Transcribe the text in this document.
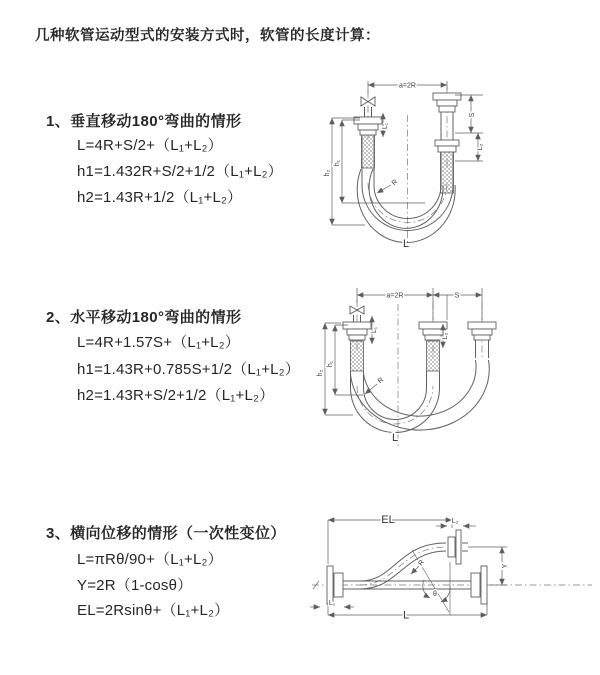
几种软管运动型式的安装方式时，软管的长度计算：
1、垂直移动180°弯曲的情形
L=4R+S/2+（L₁+L₂）
h1=1.432R+S/2+1/2（L₁+L₂）
h2=1.43R+1/2（L₁+L₂）
2、水平移动180°弯曲的情形
L=4R+1.57S+（L₁+L₂）
h1=1.43R+0.785S+1/2（L₁+L₂）
h2=1.43R+S/2+1/2（L₁+L₂）
3、横向位移的情形（一次性变位）
L=πRθ/90+（L₁+L₂）
Y=2R（1-cosθ）
EL=2Rsinθ+（L₁+L₂）
a=2R
h₂
h₁
S
L₂
L₁
R
L
a=2R	S
h₂
h₁
L₁
L₂
R
L
EL	L₂
Y
L
L₁
R
θ
